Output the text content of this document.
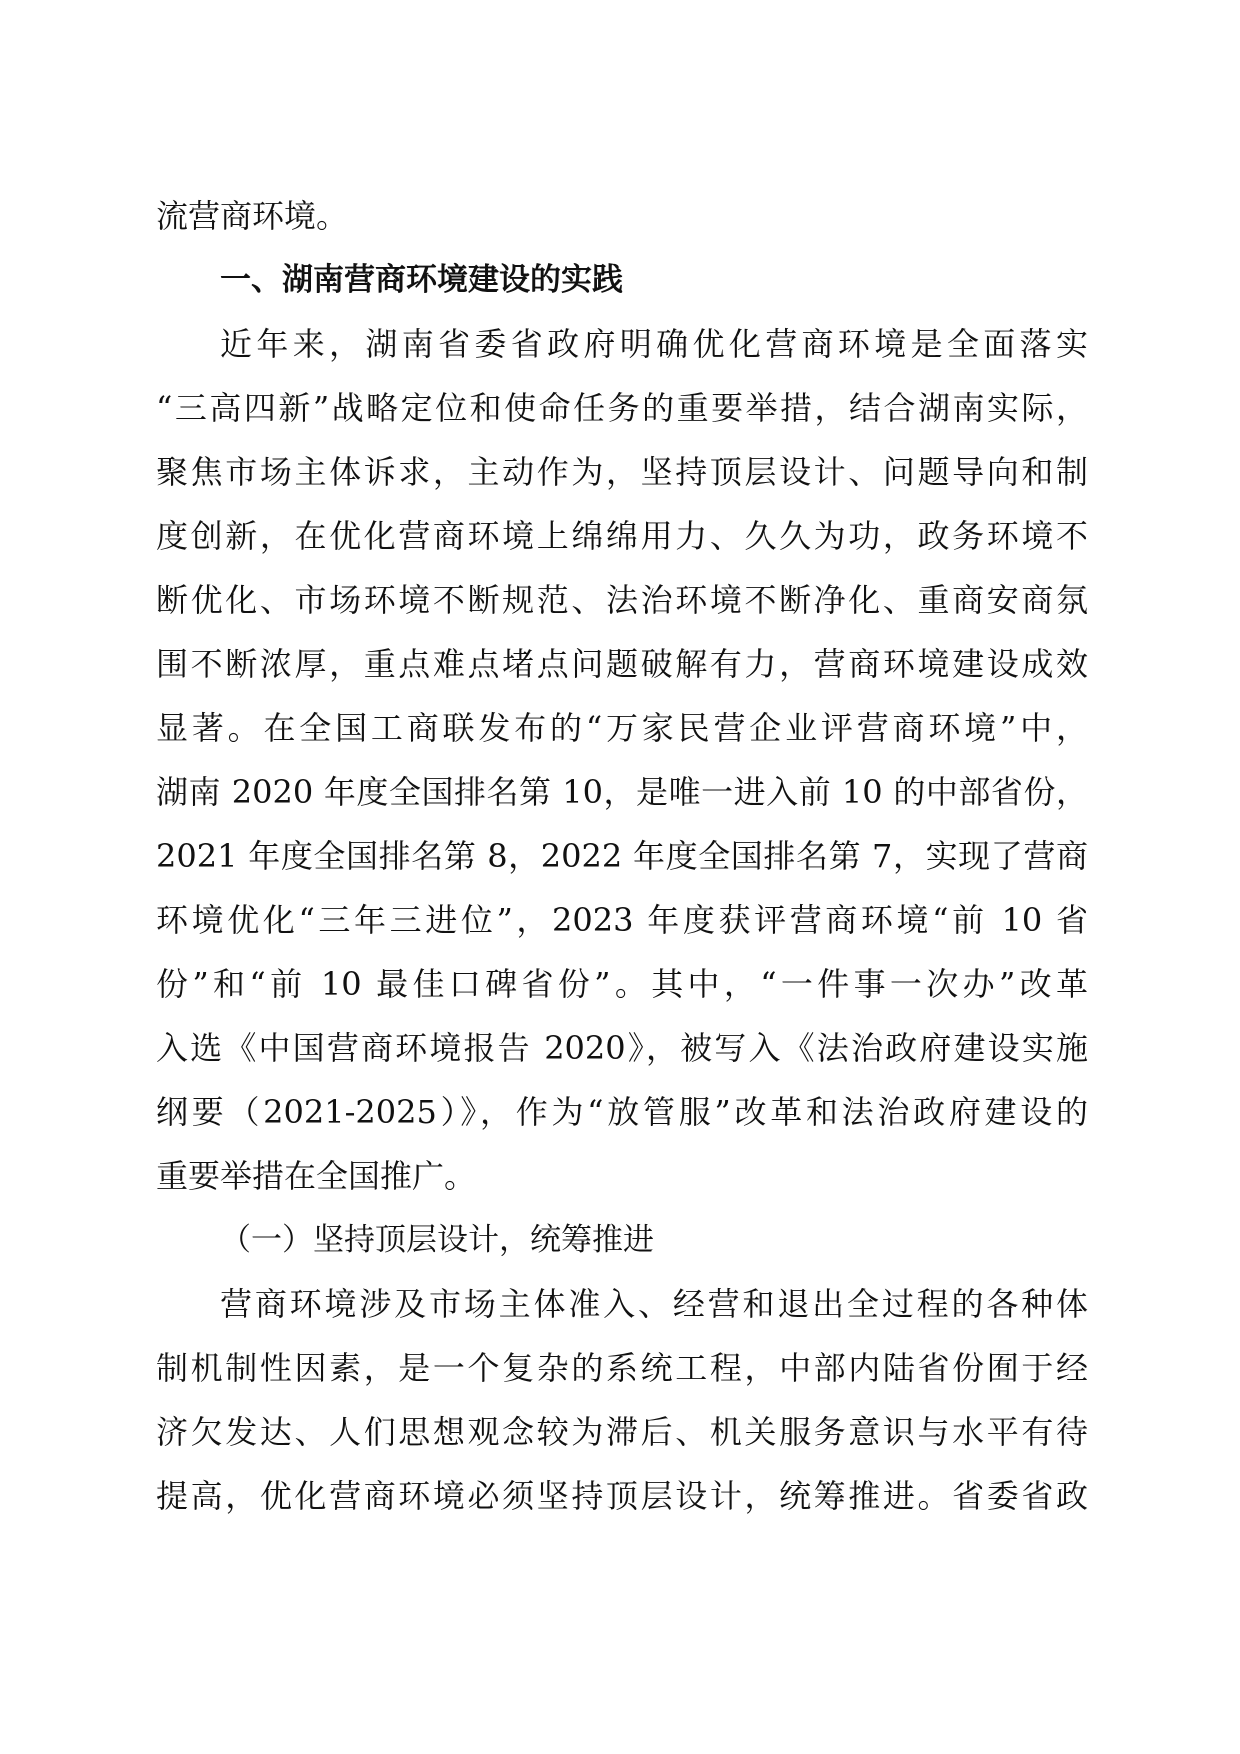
流营商环境。
一、湖南营商环境建设的实践
近年来，湖南省委省政府明确优化营商环境是全面落实
“三高四新”战略定位和使命任务的重要举措，结合湖南实际，
聚焦市场主体诉求，主动作为，坚持顶层设计、问题导向和制
度创新，在优化营商环境上绵绵用力、久久为功，政务环境不
断优化、市场环境不断规范、法治环境不断净化、重商安商氛
围不断浓厚，重点难点堵点问题破解有力，营商环境建设成效
显著。在全国工商联发布的“万家民营企业评营商环境”中，
湖南 2020 年度全国排名第 10，是唯一进入前 10 的中部省份，
2021 年度全国排名第 8，2022 年度全国排名第 7，实现了营商
环境优化“三年三进位”，2023 年度获评营商环境“前 10 省
份”和“前 10 最佳口碑省份”。其中，“一件事一次办”改革
入选《中国营商环境报告 2020》，被写入《法治政府建设实施
纲要（2021-2025）》，作为“放管服”改革和法治政府建设的
重要举措在全国推广。
（一）坚持顶层设计，统筹推进
营商环境涉及市场主体准入、经营和退出全过程的各种体
制机制性因素，是一个复杂的系统工程，中部内陆省份囿于经
济欠发达、人们思想观念较为滞后、机关服务意识与水平有待
提高，优化营商环境必须坚持顶层设计，统筹推进。省委省政
